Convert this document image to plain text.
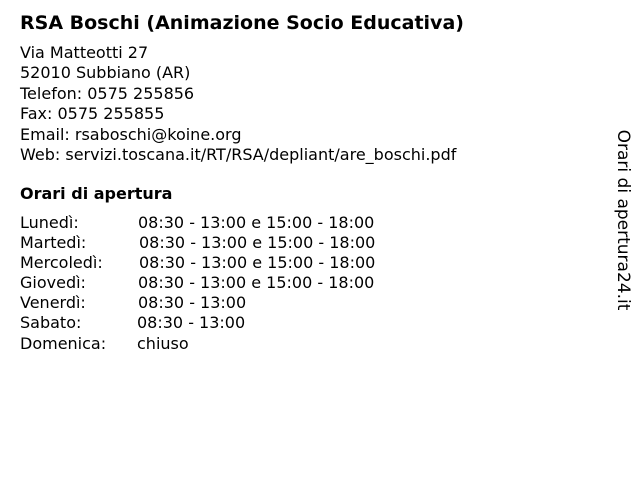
RSA Boschi (Animazione Socio Educativa)
Via Matteotti 27
52010 Subbiano (AR)
Telefon: 0575 255856
Fax: 0575 255855
Email: rsaboschi@koine.org
Web: servizi.toscana.it/RT/RSA/depliant/are_boschi.pdf
Orari di apertura
Lunedì:	08:30 - 13:00 e 15:00 - 18:00
Martedì:	08:30 - 13:00 e 15:00 - 18:00
Mercoledì: 08:30 - 13:00 e 15:00 - 18:00
Giovedì:	08:30 - 13:00 e 15:00 - 18:00
Venerdì:	08:30 - 13:00
Sabato:	08:30 - 13:00
Domenica: chiuso
Orari di apertura24.it
